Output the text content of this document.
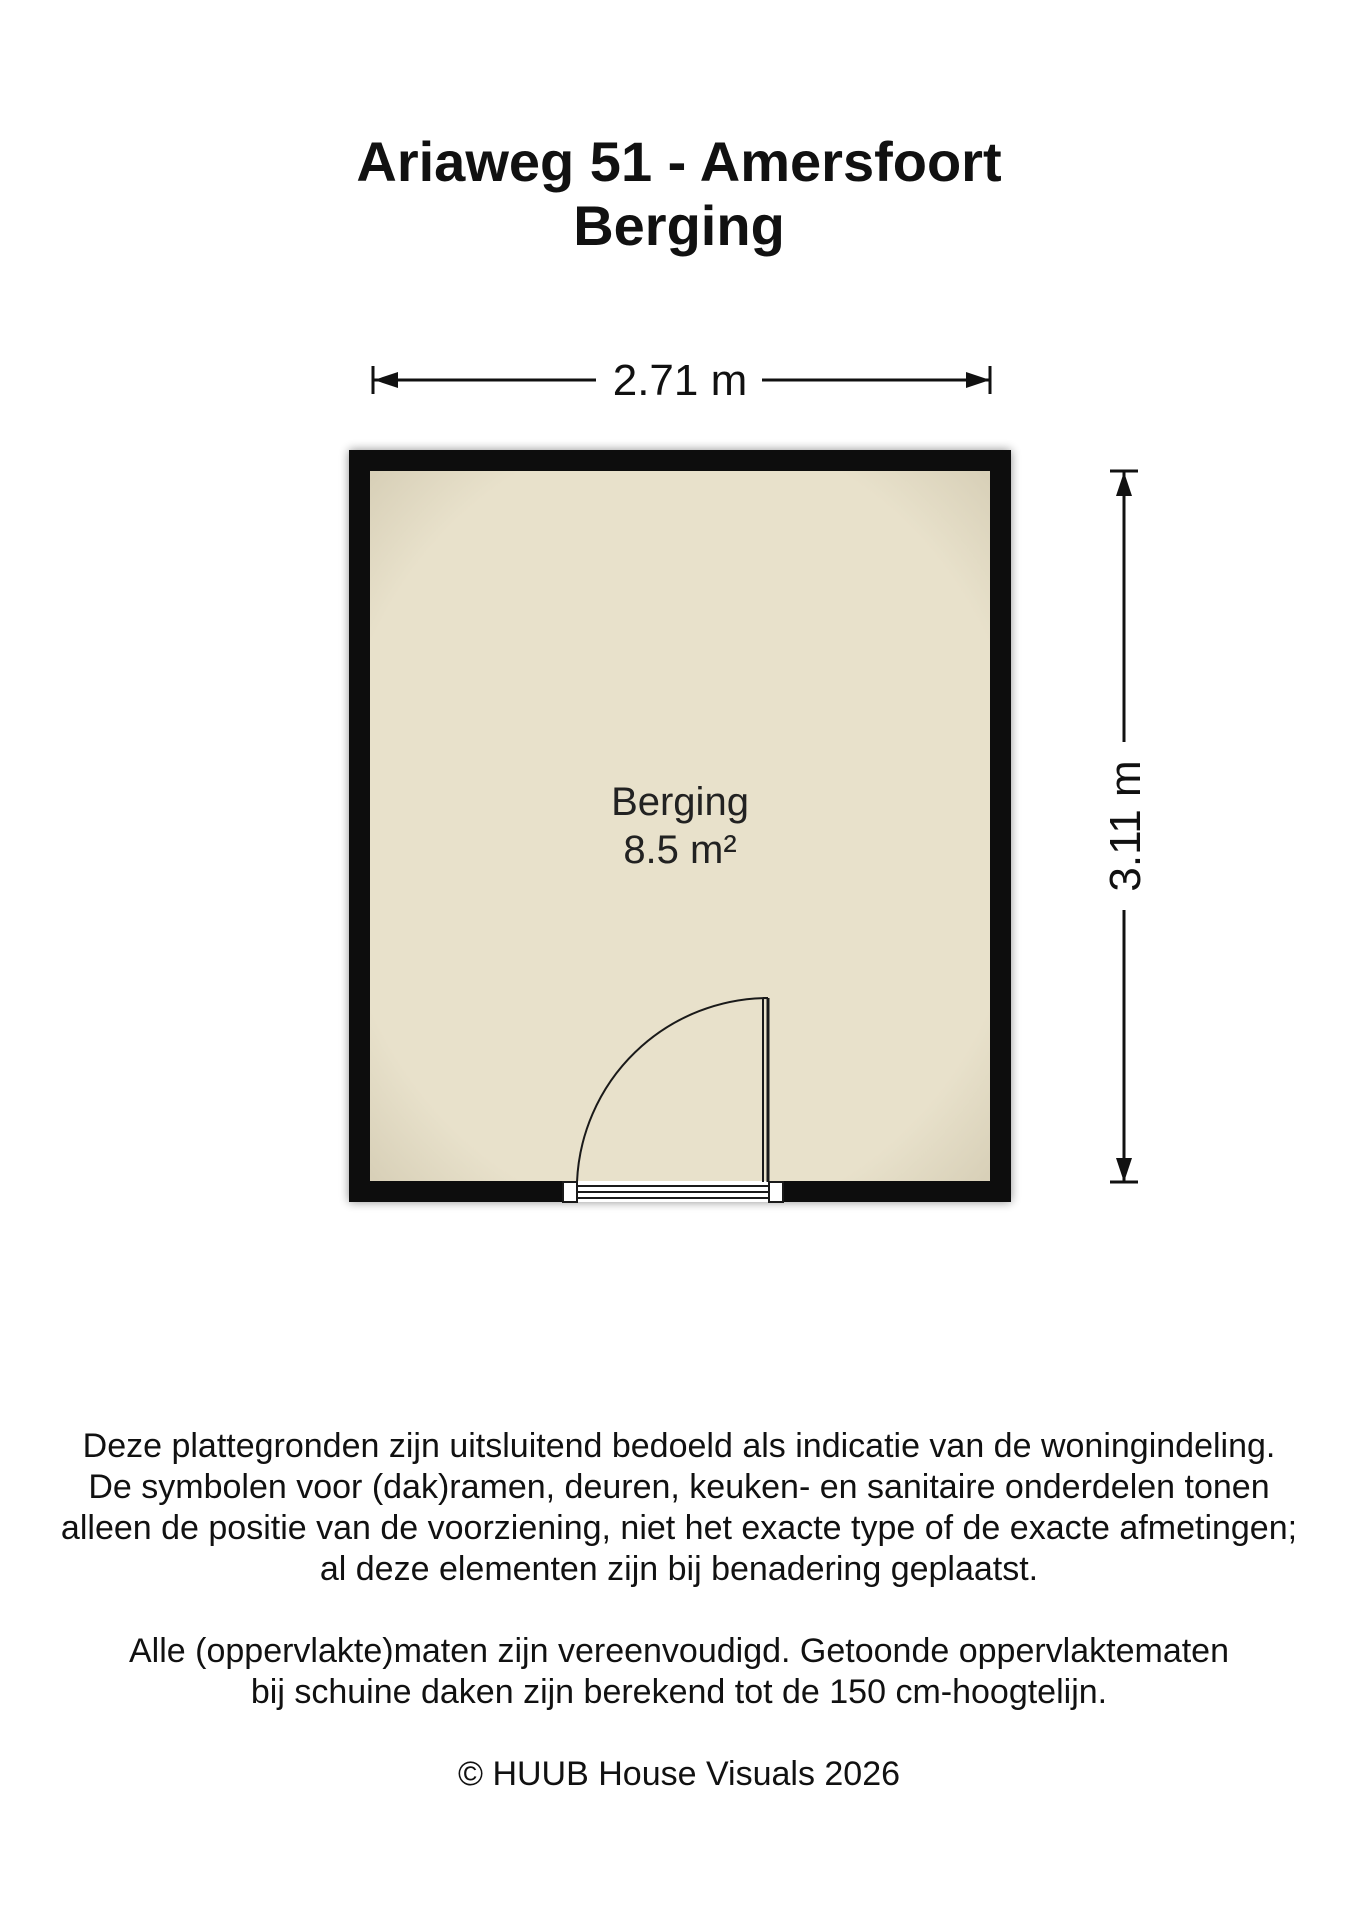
Ariaweg 51 - Amersfoort
Berging
2.71 m
3.11 m
Berging
8.5 m²

Deze plattegronden zijn uitsluitend bedoeld als indicatie van de woningindeling.

De symbolen voor (dak)ramen, deuren, keuken- en sanitaire onderdelen tonen

alleen de positie van de voorziening, niet het exacte type of de exacte afmetingen;

al deze elementen zijn bij benadering geplaatst.

Alle (oppervlakte)maten zijn vereenvoudigd. Getoonde oppervlaktematen

bij schuine daken zijn berekend tot de 150 cm-hoogtelijn.

© HUUB House Visuals 2026
